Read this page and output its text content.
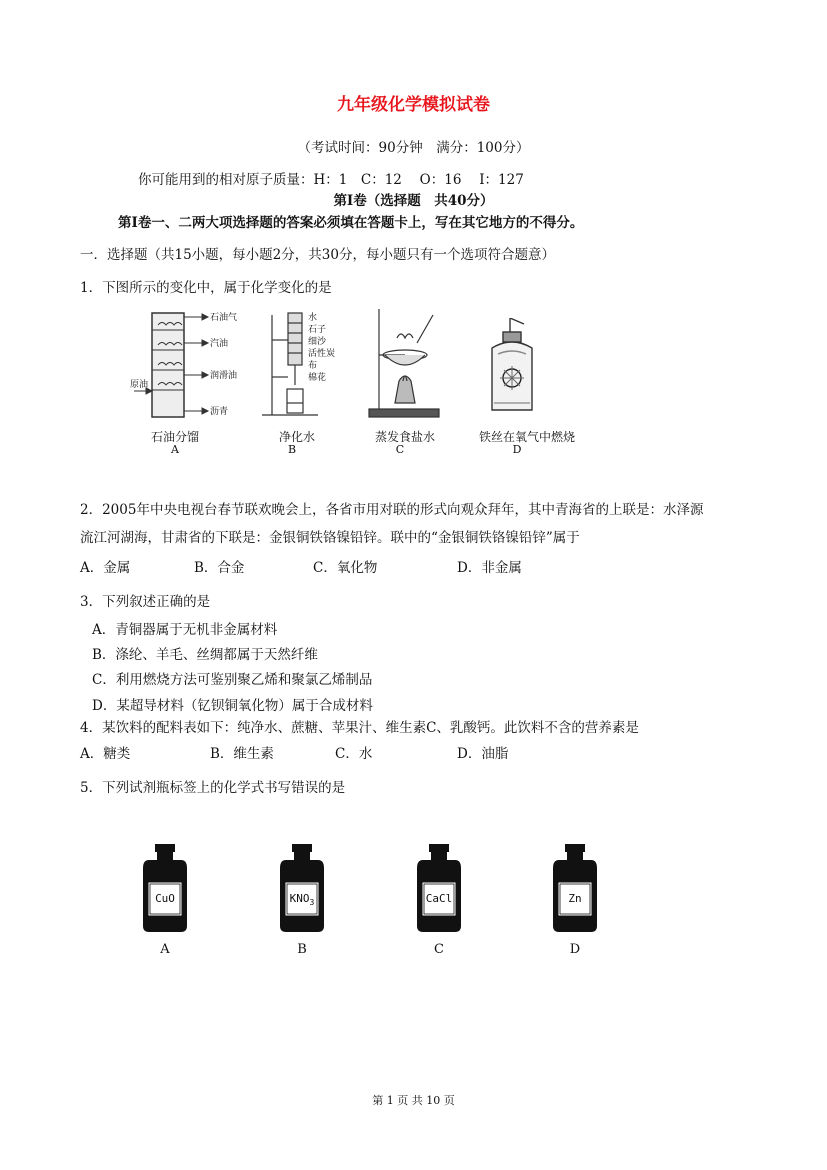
九年级化学模拟试卷
（考试时间：90分钟　满分：100分）
你可能用到的相对原子质量：H：1　C：12　 O：16　 I：127
第Ⅰ卷（选择题　共40分）
第Ⅰ卷一、二两大项选择题的答案必须填在答题卡上，写在其它地方的不得分。
一．选择题（共15小题，每小题2分，共30分，每小题只有一个选项符合题意）
1．下图所示的变化中，属于化学变化的是
石油气
汽油
润滑油
原油
沥青
石油分馏
A
水
石子
细沙
活性炭
布
棉花
净化水
B
蒸发食盐水
C
铁丝在氧气中燃烧
D
2．2005年中央电视台春节联欢晚会上，各省市用对联的形式向观众拜年，其中青海省的上联是：水泽源
流江河湖海，甘肃省的下联是：金银铜铁铬镍铅锌。联中的“金银铜铁铬镍铅锌”属于
A．金属	B．合金	C．氧化物	D．非金属
3．下列叙述正确的是
A．青铜器属于无机非金属材料
B．涤纶、羊毛、丝绸都属于天然纤维
C．利用燃烧方法可鉴别聚乙烯和聚氯乙烯制品
D．某超导材料（钇钡铜氧化物）属于合成材料
4．某饮料的配料表如下：纯净水、蔗糖、苹果汁、维生素C、乳酸钙。此饮料不含的营养素是
A．糖类	B．维生素	C．水	D．油脂
5．下列试剂瓶标签上的化学式书写错误的是
CuO
A
$KNO_3$
B
CaCl
C
Zn
D
第 1 页 共 10 页
